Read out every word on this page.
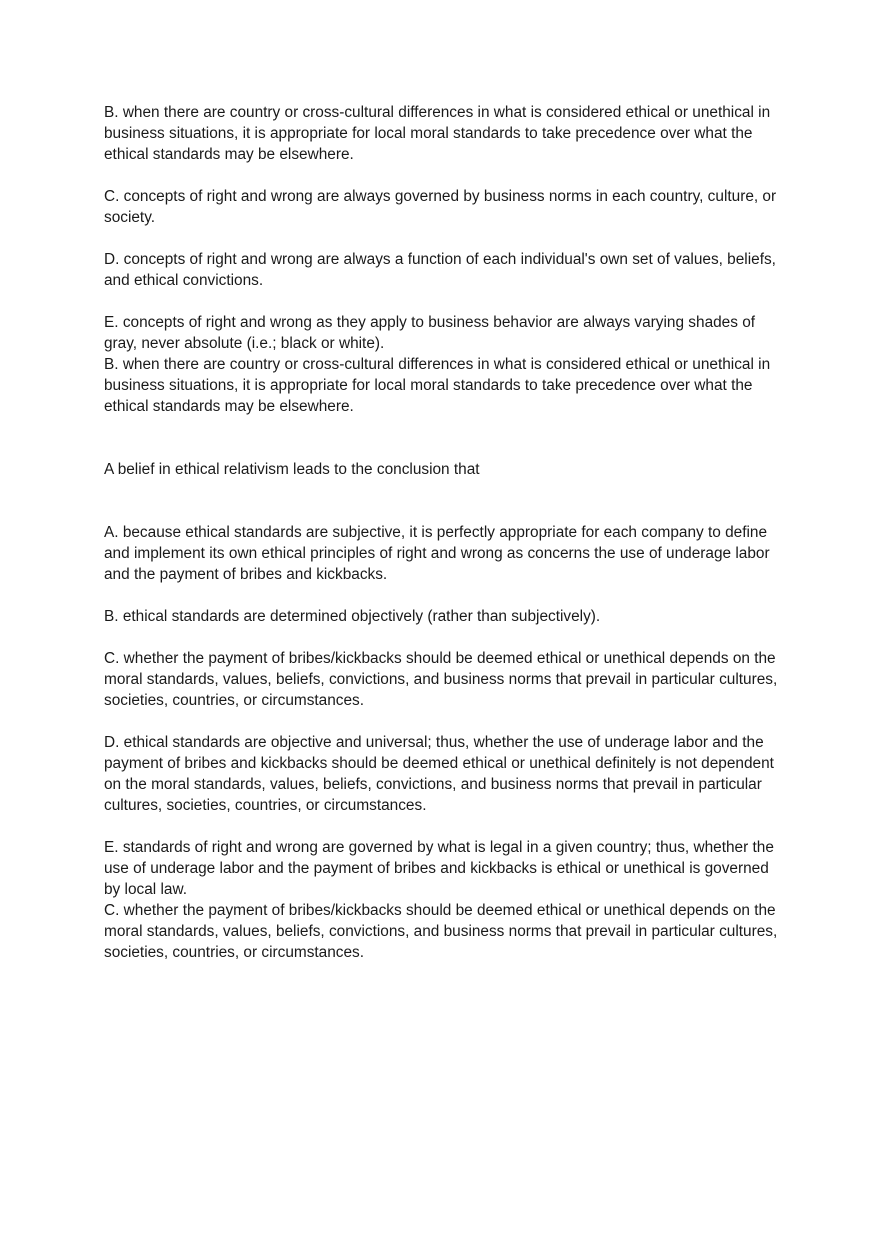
B. when there are country or cross-cultural differences in what is considered ethical or unethical in business situations, it is appropriate for local moral standards to take precedence over what the ethical standards may be elsewhere.

C. concepts of right and wrong are always governed by business norms in each country, culture, or society.

D. concepts of right and wrong are always a function of each individual's own set of values, beliefs, and ethical convictions.

E. concepts of right and wrong as they apply to business behavior are always varying shades of gray, never absolute (i.e.; black or white).

B. when there are country or cross-cultural differences in what is considered ethical or unethical in business situations, it is appropriate for local moral standards to take precedence over what the ethical standards may be elsewhere.

A belief in ethical relativism leads to the conclusion that

A. because ethical standards are subjective, it is perfectly appropriate for each company to define and implement its own ethical principles of right and wrong as concerns the use of underage labor and the payment of bribes and kickbacks.

B. ethical standards are determined objectively (rather than subjectively).

C. whether the payment of bribes/kickbacks should be deemed ethical or unethical depends on the moral standards, values, beliefs, convictions, and business norms that prevail in particular cultures, societies, countries, or circumstances.

D. ethical standards are objective and universal; thus, whether the use of underage labor and the payment of bribes and kickbacks should be deemed ethical or unethical definitely is not dependent on the moral standards, values, beliefs, convictions, and business norms that prevail in particular cultures, societies, countries, or circumstances.

E. standards of right and wrong are governed by what is legal in a given country; thus, whether the use of underage labor and the payment of bribes and kickbacks is ethical or unethical is governed by local law.

C. whether the payment of bribes/kickbacks should be deemed ethical or unethical depends on the moral standards, values, beliefs, convictions, and business norms that prevail in particular cultures, societies, countries, or circumstances.
